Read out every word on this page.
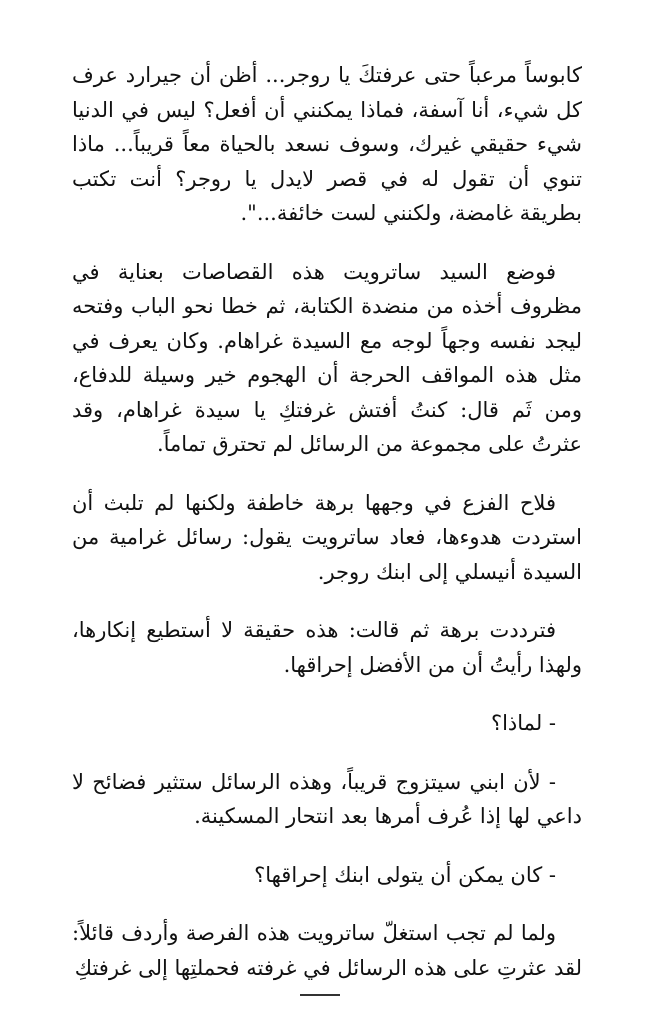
كابوساً مرعباً حتى عرفتكَ يا روجر... أظن أن جيرارد عرف كل شيء، أنا آسفة، فماذا يمكنني أن أفعل؟ ليس في الدنيا شيء حقيقي غيرك، وسوف نسعد بالحياة معاً قريباً... ماذا تنوي أن تقول له في قصر لايدل يا روجر؟ أنت تكتب بطريقة غامضة، ولكنني لست خائفة...".

فوضع السيد ساترويت هذه القصاصات بعناية في مظروف أخذه من منضدة الكتابة، ثم خطا نحو الباب وفتحه ليجد نفسه وجهاً لوجه مع السيدة غراهام. وكان يعرف في مثل هذه المواقف الحرجة أن الهجوم خير وسيلة للدفاع، ومن ثَم قال: كنتُ أفتش غرفتكِ يا سيدة غراهام، وقد عثرتُ على مجموعة من الرسائل لم تحترق تماماً.

فلاح الفزع في وجهها برهة خاطفة ولكنها لم تلبث أن استردت هدوءها، فعاد ساترويت يقول: رسائل غرامية من السيدة أنيسلي إلى ابنك روجر.

فترددت برهة ثم قالت: هذه حقيقة لا أستطيع إنكارها، ولهذا رأيتُ أن من الأفضل إحراقها.

- لماذا؟

- لأن ابني سيتزوج قريباً، وهذه الرسائل ستثير فضائح لا داعي لها إذا عُرف أمرها بعد انتحار المسكينة.

- كان يمكن أن يتولى ابنك إحراقها؟

ولما لم تجب استغلّ ساترويت هذه الفرصة وأردف قائلاً: لقد عثرتِ على هذه الرسائل في غرفته فحملتِها إلى غرفتكِ
